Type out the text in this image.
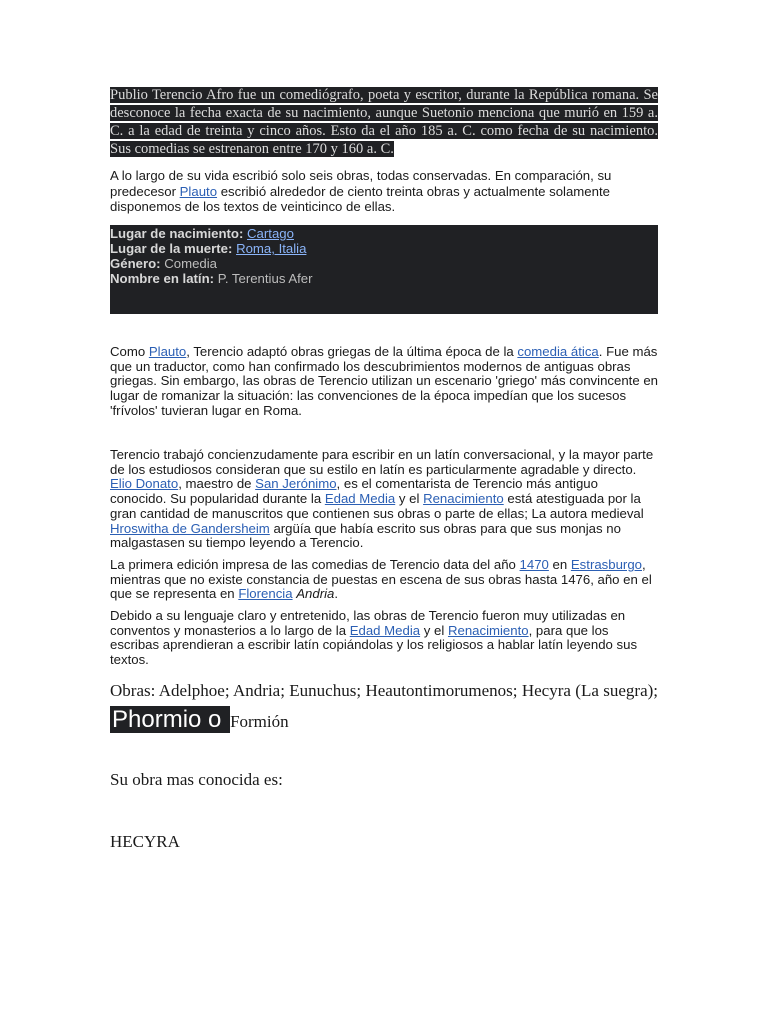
Publio Terencio Afro fue un comediógrafo, poeta y escritor, durante la República romana. Se desconoce la fecha exacta de su nacimiento, aunque Suetonio menciona que murió en 159 a. C. a la edad de treinta y cinco años. Esto da el año 185 a. C. como fecha de su nacimiento. Sus comedias se estrenaron entre 170 y 160 a. C.
A lo largo de su vida escribió solo seis obras, todas conservadas. En comparación, su predecesor Plauto escribió alrededor de ciento treinta obras y actualmente solamente disponemos de los textos de veinticinco de ellas.
Lugar de nacimiento: Cartago
Lugar de la muerte: Roma, Italia
Género: Comedia
Nombre en latín: P. Terentius Afer
Como Plauto, Terencio adaptó obras griegas de la última época de la comedia ática. Fue más que un traductor, como han confirmado los descubrimientos modernos de antiguas obras griegas. Sin embargo, las obras de Terencio utilizan un escenario 'griego' más convincente en lugar de romanizar la situación: las convenciones de la época impedían que los sucesos 'frívolos' tuvieran lugar en Roma.
Terencio trabajó concienzudamente para escribir en un latín conversacional, y la mayor parte de los estudiosos consideran que su estilo en latín es particularmente agradable y directo. Elio Donato, maestro de San Jerónimo, es el comentarista de Terencio más antiguo conocido. Su popularidad durante la Edad Media y el Renacimiento está atestiguada por la gran cantidad de manuscritos que contienen sus obras o parte de ellas; La autora medieval Hroswitha de Gandersheim argüía que había escrito sus obras para que sus monjas no malgastasen su tiempo leyendo a Terencio.
La primera edición impresa de las comedias de Terencio data del año 1470 en Estrasburgo, mientras que no existe constancia de puestas en escena de sus obras hasta 1476, año en el que se representa en Florencia Andria.
Debido a su lenguaje claro y entretenido, las obras de Terencio fueron muy utilizadas en conventos y monasterios a lo largo de la Edad Media y el Renacimiento, para que los escribas aprendieran a escribir latín copiándolas y los religiosos a hablar latín leyendo sus textos.
Obras: Adelphoe; Andria; Eunuchus; Heautontimorumenos; Hecyra (La suegra); Phormio o Formión
Su obra mas conocida es:
HECYRA
